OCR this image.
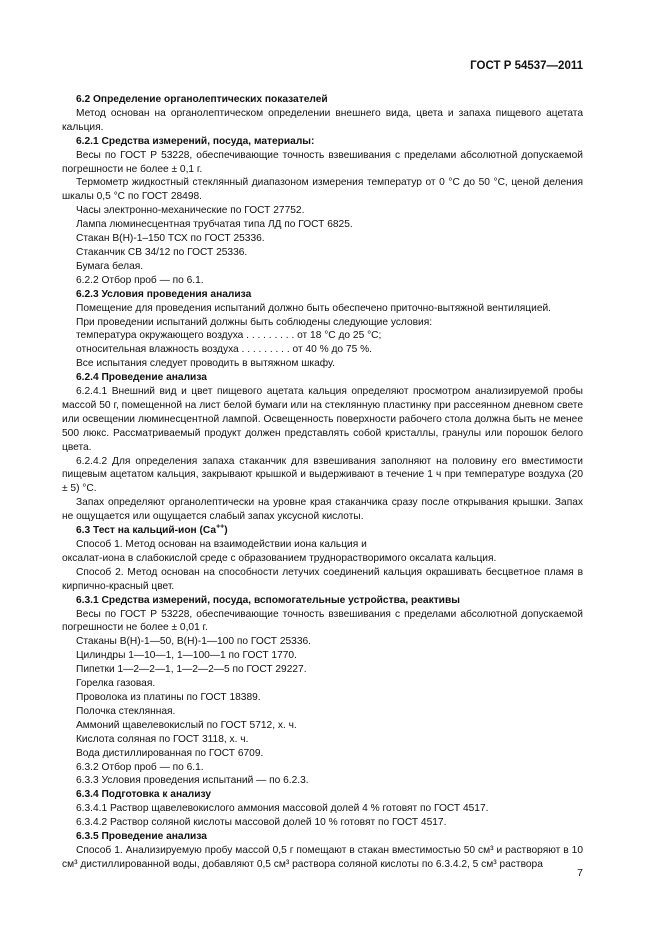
ГОСТ Р 54537—2011

6.2 Определение органолептических показателей

Метод основан на органолептическом определении внешнего вида, цвета и запаха пищевого ацетата кальция.

6.2.1 Средства измерений, посуда, материалы:

Весы по ГОСТ Р 53228, обеспечивающие точность взвешивания с пределами абсолютной допускаемой погрешности не более ± 0,1 г.

Термометр жидкостный стеклянный диапазоном измерения температур от 0 °С до 50 °С, ценой деления шкалы 0,5 °С по ГОСТ 28498.

Часы электронно-механические по ГОСТ 27752.

Лампа люминесцентная трубчатая типа ЛД по ГОСТ 6825.

Стакан В(Н)-1–150 ТСХ по ГОСТ 25336.

Стаканчик СВ 34/12 по ГОСТ 25336.

Бумага белая.

6.2.2 Отбор проб — по 6.1.

6.2.3 Условия проведения анализа

Помещение для проведения испытаний должно быть обеспечено приточно-вытяжной вентиляцией.

При проведении испытаний должны быть соблюдены следующие условия:

температура окружающего воздуха . . . . . . . . . от 18 °С до 25 °С;

относительная влажность воздуха . . . . . . . . . от 40 % до 75 %.

Все испытания следует проводить в вытяжном шкафу.

6.2.4 Проведение анализа

6.2.4.1 Внешний вид и цвет пищевого ацетата кальция определяют просмотром анализируемой пробы массой 50 г, помещенной на лист белой бумаги или на стеклянную пластинку при рассеянном дневном свете или освещении люминесцентной лампой. Освещенность поверхности рабочего стола должна быть не менее 500 люкс. Рассматриваемый продукт должен представлять собой кристаллы, гранулы или порошок белого цвета.

6.2.4.2 Для определения запаха стаканчик для взвешивания заполняют на половину его вместимости пищевым ацетатом кальция, закрывают крышкой и выдерживают в течение 1 ч при температуре воздуха (20 ± 5) °С.

Запах определяют органолептически на уровне края стаканчика сразу после открывания крышки. Запах не ощущается или ощущается слабый запах уксусной кислоты.

6.3 Тест на кальций-ион (Са++)

Способ 1. Метод основан на взаимодействии иона кальция и

оксалат-иона в слабокислой среде с образованием труднорастворимого оксалата кальция.

Способ 2. Метод основан на способности летучих соединений кальция окрашивать бесцветное пламя в кирпично-красный цвет.

6.3.1 Средства измерений, посуда, вспомогательные устройства, реактивы

Весы по ГОСТ Р 53228, обеспечивающие точность взвешивания с пределами абсолютной допускаемой погрешности не более ± 0,01 г.

Стаканы В(Н)-1—50, В(Н)-1—100 по ГОСТ 25336.

Цилиндры 1—10—1, 1—100—1 по ГОСТ 1770.

Пипетки 1—2—2—1, 1—2—2—5 по ГОСТ 29227.

Горелка газовая.

Проволока из платины по ГОСТ 18389.

Полочка стеклянная.

Аммоний щавелевокислый по ГОСТ 5712, х. ч.

Кислота соляная по ГОСТ 3118, х. ч.

Вода дистиллированная по ГОСТ 6709.

6.3.2 Отбор проб — по 6.1.

6.3.3 Условия проведения испытаний — по 6.2.3.

6.3.4 Подготовка к анализу

6.3.4.1 Раствор щавелевокислого аммония массовой долей 4 % готовят по ГОСТ 4517.

6.3.4.2 Раствор соляной кислоты массовой долей 10 % готовят по ГОСТ 4517.

6.3.5 Проведение анализа

Способ 1. Анализируемую пробу массой 0,5 г помещают в стакан вместимостью 50 см³ и растворяют в 10 см³ дистиллированной воды, добавляют 0,5 см³ раствора соляной кислоты по 6.3.4.2, 5 см³ раствора

7
